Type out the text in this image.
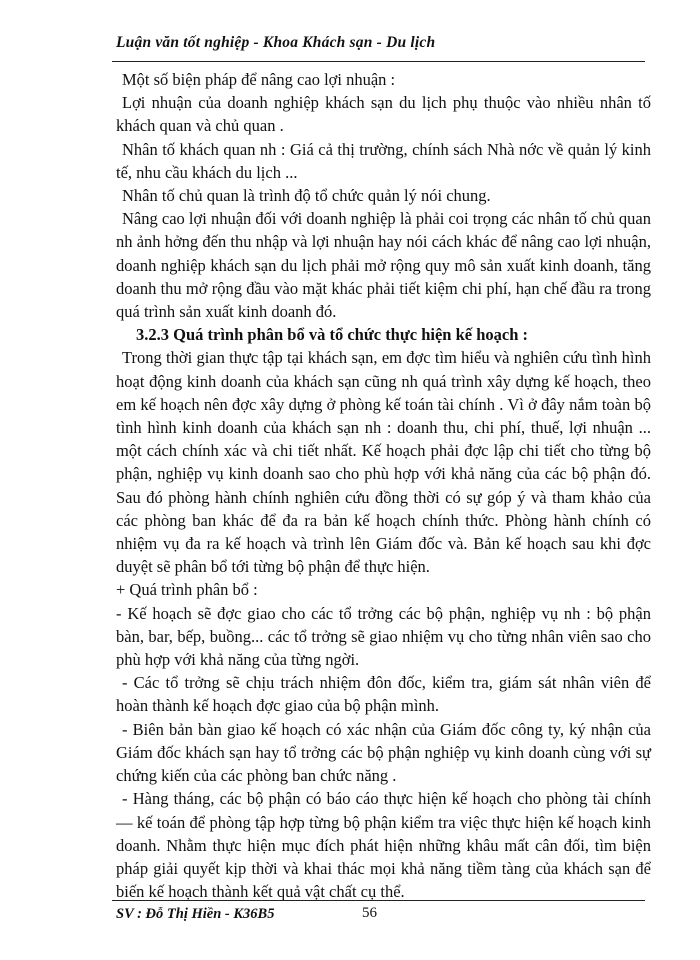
Luận văn tốt nghiệp - Khoa Khách sạn - Du lịch

Một số biện pháp để nâng cao lợi nhuận :

Lợi nhuận của doanh nghiệp khách sạn du lịch phụ thuộc vào nhiều nhân tố khách quan và chủ quan .

Nhân tố khách quan nh : Giá cả thị trường, chính sách Nhà nớc về quản lý kinh tế, nhu cầu khách du lịch ...

Nhân tố chủ quan là trình độ tổ chức quản lý nói chung.

Nâng cao lợi nhuận đối với doanh nghiệp là phải coi trọng các nhân tố chủ quan nh ảnh hởng đến thu nhập và lợi nhuận hay nói cách khác để nâng cao lợi nhuận, doanh nghiệp khách sạn du lịch phải mở rộng quy mô sản xuất kinh doanh, tăng doanh thu mở rộng đầu vào mặt khác phải tiết kiệm chi phí, hạn chế đầu ra trong quá trình sản xuất kinh doanh đó.

3.2.3 Quá trình phân bổ và tổ chức thực hiện kế hoạch :

Trong thời gian thực tập tại khách sạn, em đợc tìm hiểu và nghiên cứu tình hình hoạt động kinh doanh của khách sạn cũng nh quá trình xây dựng kế hoạch, theo em kế hoạch nên đợc xây dựng ở phòng kế toán tài chính . Vì ở đây nắm toàn bộ tình hình kinh doanh của khách sạn nh : doanh thu, chi phí, thuế, lợi nhuận ... một cách chính xác và chi tiết nhất. Kế hoạch phải đợc lập chi tiết cho từng bộ phận, nghiệp vụ kinh doanh sao cho phù hợp với khả năng của các bộ phận đó. Sau đó phòng hành chính nghiên cứu đồng thời có sự góp ý và tham khảo của các phòng ban khác để đa ra bản kế hoạch chính thức. Phòng hành chính có nhiệm vụ đa ra kế hoạch và trình lên Giám đốc và. Bản kế hoạch sau khi đợc duyệt sẽ phân bổ tới từng bộ phận để thực hiện.

+ Quá trình phân bổ :

- Kế hoạch sẽ đợc giao cho các tổ trởng các bộ phận, nghiệp vụ nh : bộ phận bàn, bar, bếp, buồng... các tổ trởng sẽ giao nhiệm vụ cho từng nhân viên sao cho phù hợp với khả năng của từng ngời.

- Các tổ trởng sẽ chịu trách nhiệm đôn đốc, kiểm tra, giám sát nhân viên để hoàn thành kế hoạch đợc giao của bộ phận mình.

- Biên bản bàn giao kế hoạch có xác nhận của Giám đốc công ty, ký nhận của Giám đốc khách sạn hay tổ trởng các bộ phận nghiệp vụ kinh doanh cùng với sự chứng kiến của các phòng ban chức năng .

- Hàng tháng, các bộ phận có báo cáo thực hiện kế hoạch cho phòng tài chính — kế toán để phòng tập hợp từng bộ phận kiểm tra việc thực hiện kế hoạch kinh doanh. Nhằm thực hiện mục đích phát hiện những khâu mất cân đối, tìm biện pháp giải quyết kịp thời và khai thác mọi khả năng tiềm tàng của khách sạn để biến kế hoạch thành kết quả vật chất cụ thể.

SV : Đỗ Thị Hiền - K36B5	56
